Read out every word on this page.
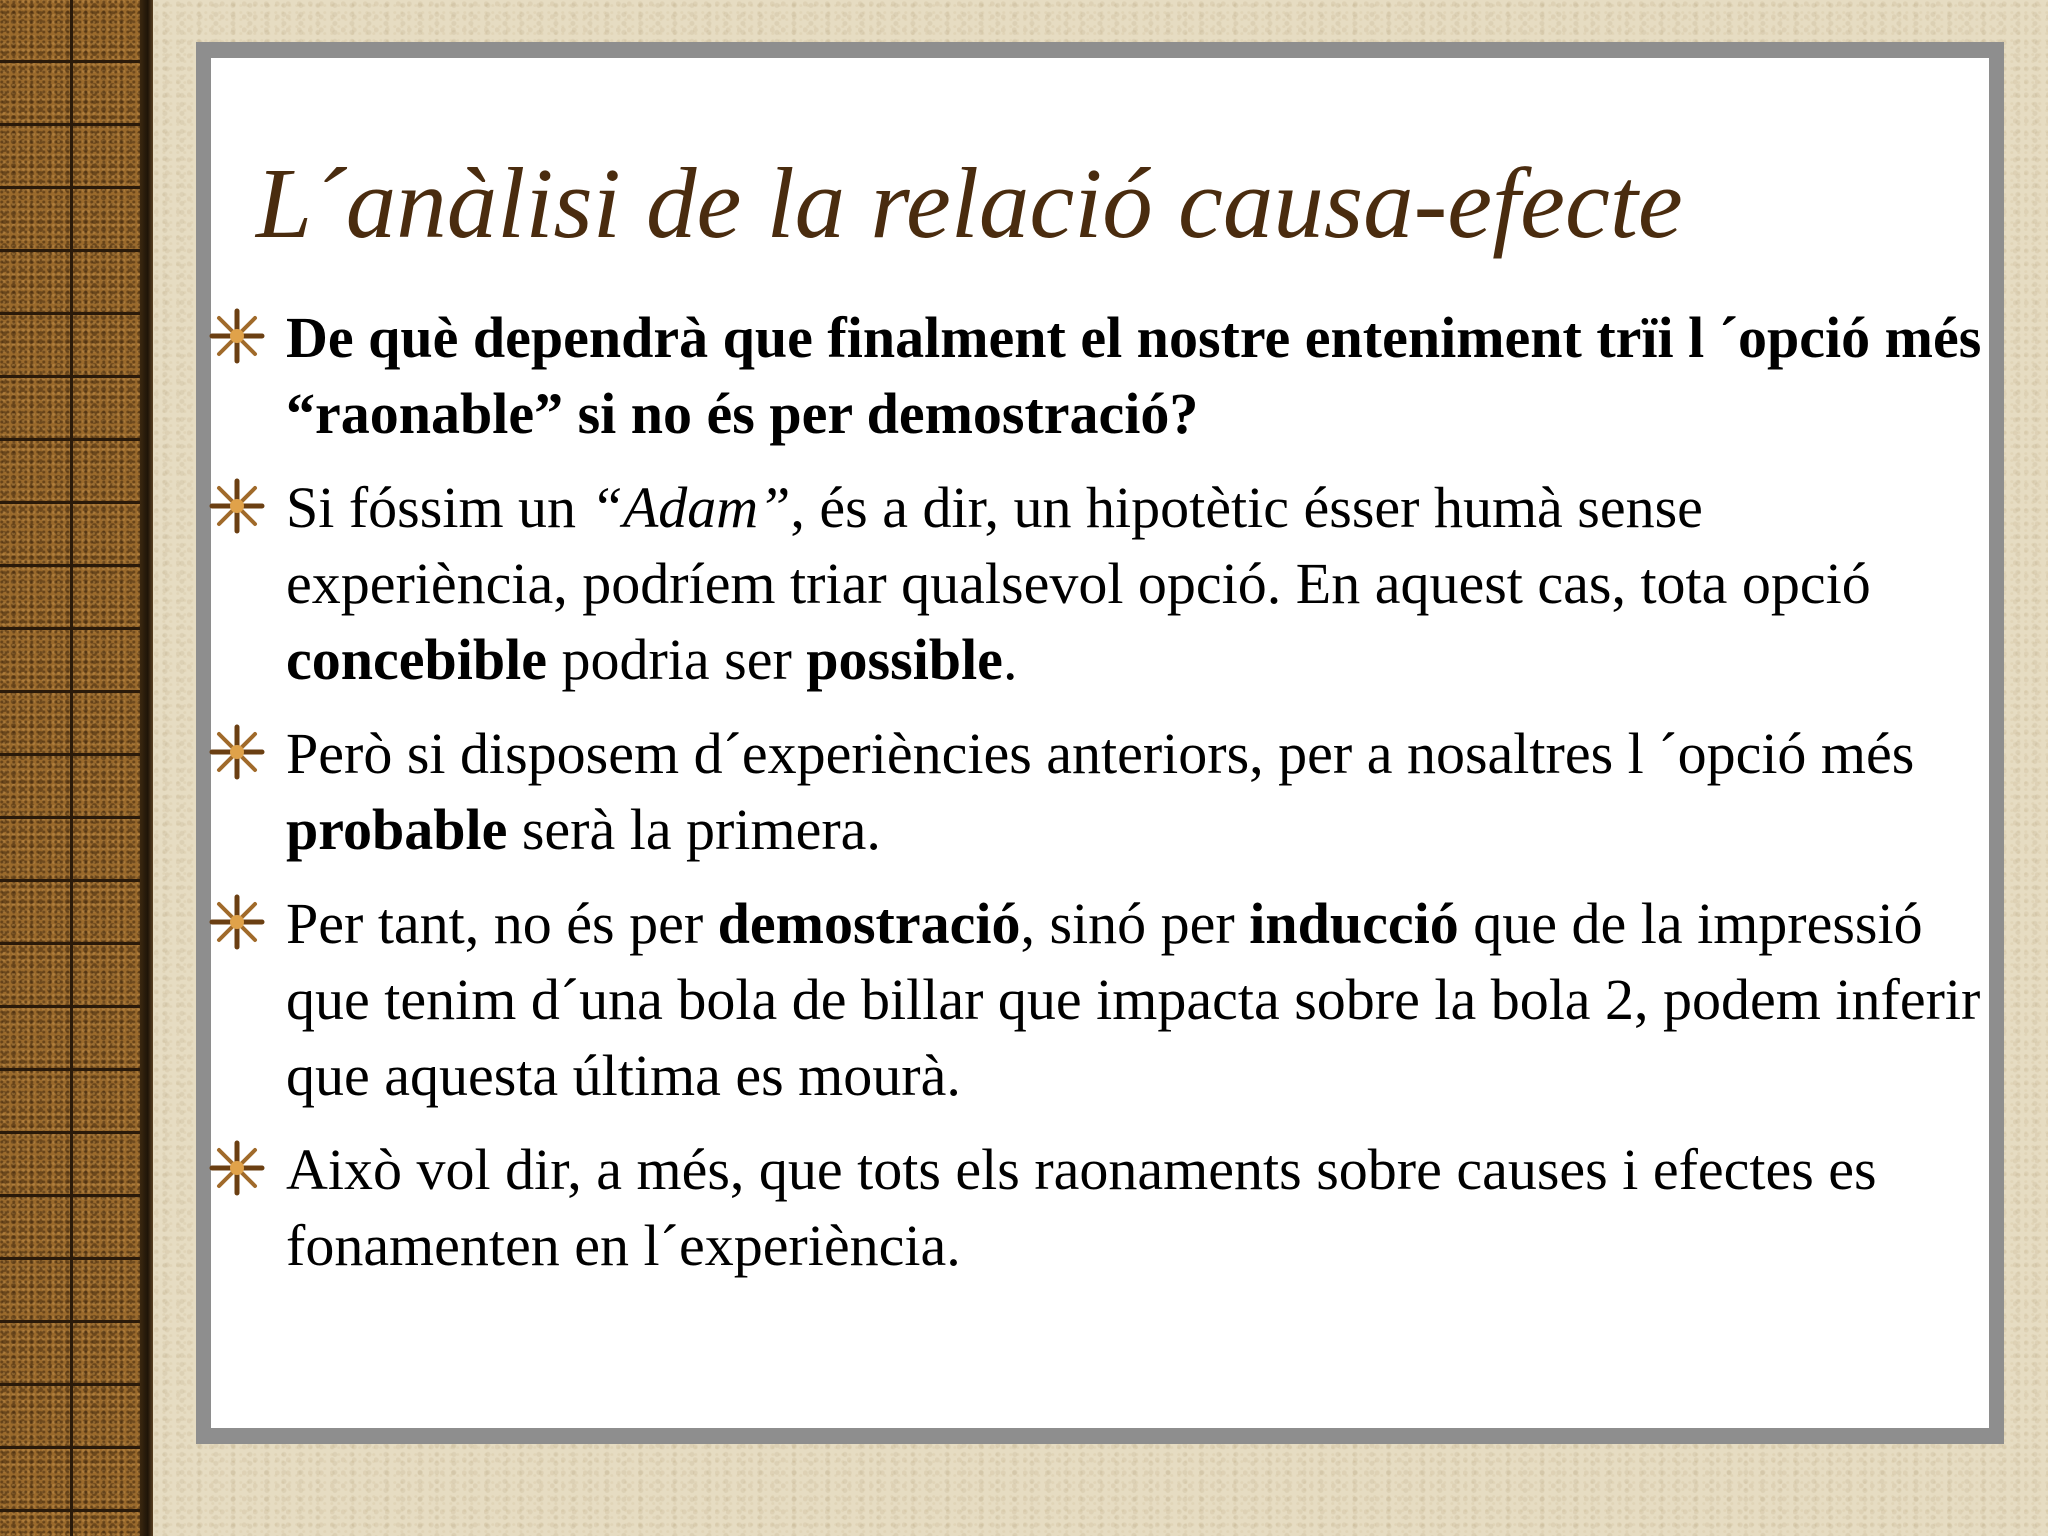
L´anàlisi de la relació causa-efecte
De què dependrà que finalment el nostre enteniment trïi l ´opció més “raonable” si no és per demostració?
Si fóssim un “Adam”, és a dir, un hipotètic ésser humà sense experiència, podríem triar qualsevol opció. En aquest cas, tota opció concebible podria ser possible.
Però si disposem d´experiències anteriors, per a nosaltres l ´opció més probable serà la primera.
Per tant, no és per demostració, sinó per inducció que de la impressió que tenim d´una bola de billar que impacta sobre la bola 2, podem inferir que aquesta última es mourà.
Això vol dir, a més, que tots els raonaments sobre causes i efectes es fonamenten en l´experiència.
